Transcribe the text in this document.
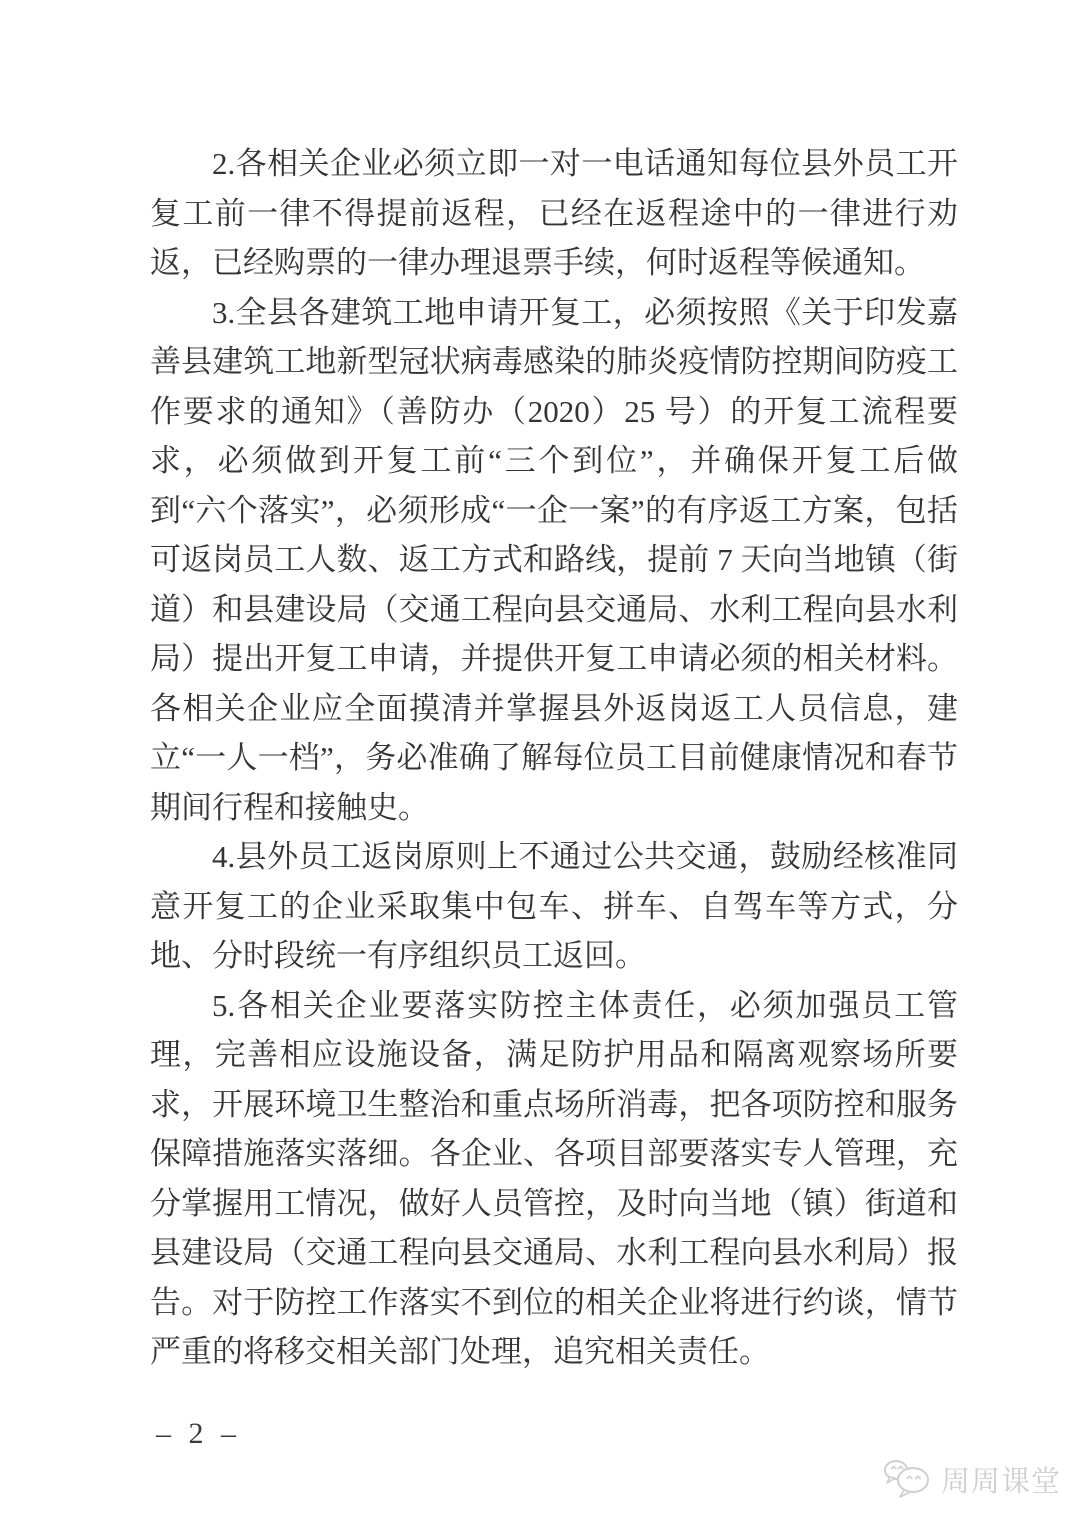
2.各相关企业必须立即一对一电话通知每位县外员工开复工前一律不得提前返程，已经在返程途中的一律进行劝返，已经购票的一律办理退票手续，何时返程等候通知。

3.全县各建筑工地申请开复工，必须按照《关于印发嘉善县建筑工地新型冠状病毒感染的肺炎疫情防控期间防疫工作要求的通知》（善防办（2020）25 号）的开复工流程要求，必须做到开复工前“三个到位”，并确保开复工后做到“六个落实”，必须形成“一企一案”的有序返工方案，包括可返岗员工人数、返工方式和路线，提前 7 天向当地镇（街道）和县建设局（交通工程向县交通局、水利工程向县水利局）提出开复工申请，并提供开复工申请必须的相关材料。各相关企业应全面摸清并掌握县外返岗返工人员信息，建立“一人一档”，务必准确了解每位员工目前健康情况和春节期间行程和接触史。

4.县外员工返岗原则上不通过公共交通，鼓励经核准同意开复工的企业采取集中包车、拼车、自驾车等方式，分地、分时段统一有序组织员工返回。

5.各相关企业要落实防控主体责任，必须加强员工管理，完善相应设施设备，满足防护用品和隔离观察场所要求，开展环境卫生整治和重点场所消毒，把各项防控和服务保障措施落实落细。各企业、各项目部要落实专人管理，充分掌握用工情况，做好人员管控，及时向当地（镇）街道和县建设局（交通工程向县交通局、水利工程向县水利局）报告。对于防控工作落实不到位的相关企业将进行约谈，情节严重的将移交相关部门处理，追究相关责任。

– 2 –
周周课堂
